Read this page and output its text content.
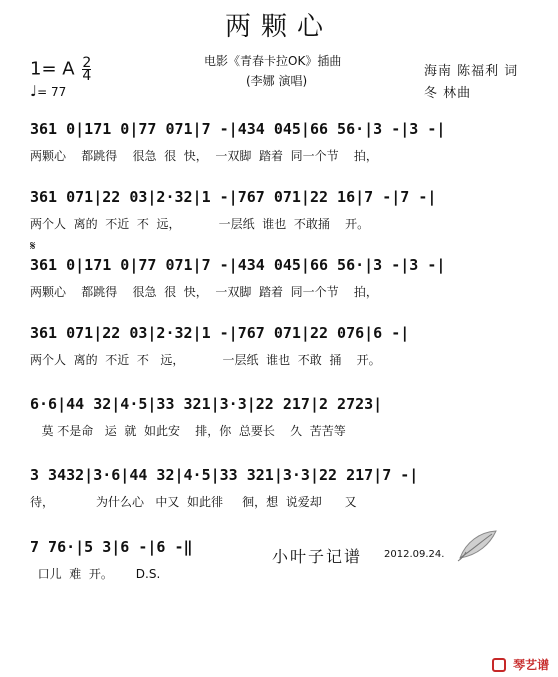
两颗心
1= A $\frac{2}{4}$
♩= 77
电影《青春卡拉OK》插曲
(李娜 演唱)
海南 陈福利 词
冬 林曲
361 0|171 0|77 071|7 -|434 045|66 56·|3 -|3 -|
两颗心    都跳得    很急  很  快，  一双脚  踏着  同一个节    拍，
361 071|22 03|2·32|1 -|767 071|22 16|7 -|7 -|
两个人  离的  不近  不  远，          一层纸  谁也  不敢捅    开。
𝄋
361 0|171 0|77 071|7 -|434 045|66 56·|3 -|3 -|
两颗心    都跳得    很急  很  快，  一双脚  踏着  同一个节    拍，
361 071|22 03|2·32|1 -|767 071|22 076|6 -|
两个人  离的  不近  不   远，          一层纸  谁也  不敢  捅    开。
6·6|44 32|4·5|33 321|3·3|22 217|2 2723|
莫 不是命   运  就  如此安    排，你  总要长    久  苦苦等
3 3432|3·6|44 32|4·5|33 321|3·3|22 217|7 -|
待，           为什么心   中又  如此徘     徊，想  说爱却      又
7 76·|5 3|6 -|6 -‖
口儿  难  开。      D.S.
小叶子记谱 2012.09.24.
琴艺谱
